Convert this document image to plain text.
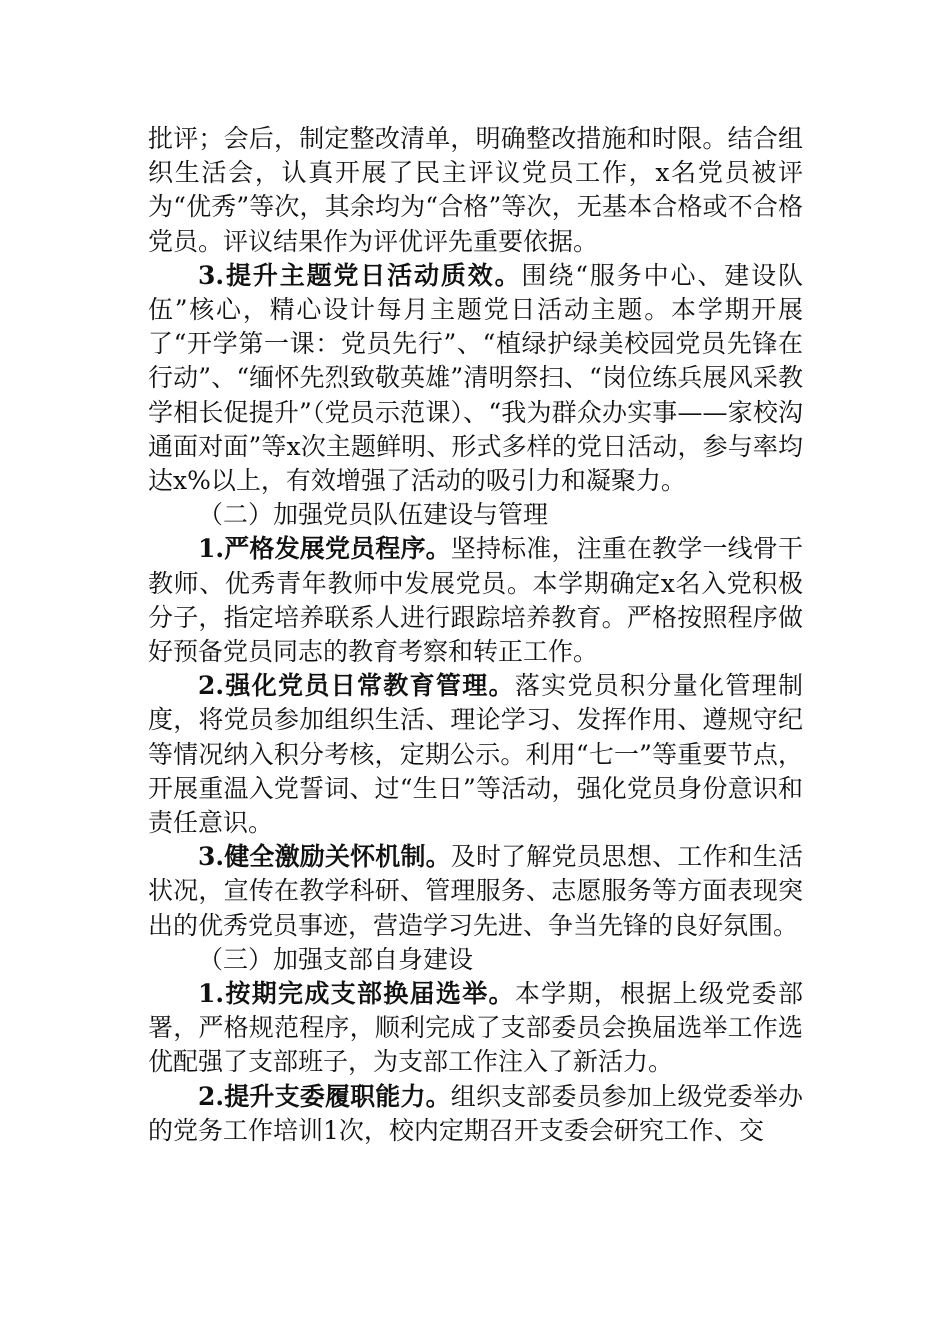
批评；会后，制定整改清单，明确整改措施和时限。结合组织生活会，认真开展了民主评议党员工作，x名党员被评为“优秀”等次，其余均为“合格”等次，无基本合格或不合格党员。评议结果作为评优评先重要依据。

3.提升主题党日活动质效。围绕“服务中心、建设队伍”核心，精心设计每月主题党日活动主题。本学期开展了“开学第一课：党员先行”、“植绿护绿美校园党员先锋在行动”、“缅怀先烈致敬英雄”清明祭扫、“岗位练兵展风采教学相长促提升”（党员示范课）、“我为群众办实事——家校沟通面对面”等x次主题鲜明、形式多样的党日活动，参与率均达x%以上，有效增强了活动的吸引力和凝聚力。

（二）加强党员队伍建设与管理

1.严格发展党员程序。坚持标准，注重在教学一线骨干教师、优秀青年教师中发展党员。本学期确定x名入党积极分子，指定培养联系人进行跟踪培养教育。严格按照程序做好预备党员同志的教育考察和转正工作。

2.强化党员日常教育管理。落实党员积分量化管理制度，将党员参加组织生活、理论学习、发挥作用、遵规守纪等情况纳入积分考核，定期公示。利用“七一”等重要节点，开展重温入党誓词、过“生日”等活动，强化党员身份意识和责任意识。

3.健全激励关怀机制。及时了解党员思想、工作和生活状况，宣传在教学科研、管理服务、志愿服务等方面表现突出的优秀党员事迹，营造学习先进、争当先锋的良好氛围。

（三）加强支部自身建设

1.按期完成支部换届选举。本学期，根据上级党委部署，严格规范程序，顺利完成了支部委员会换届选举工作选优配强了支部班子，为支部工作注入了新活力。

2.提升支委履职能力。组织支部委员参加上级党委举办的党务工作培训1次，校内定期召开支委会研究工作、交
